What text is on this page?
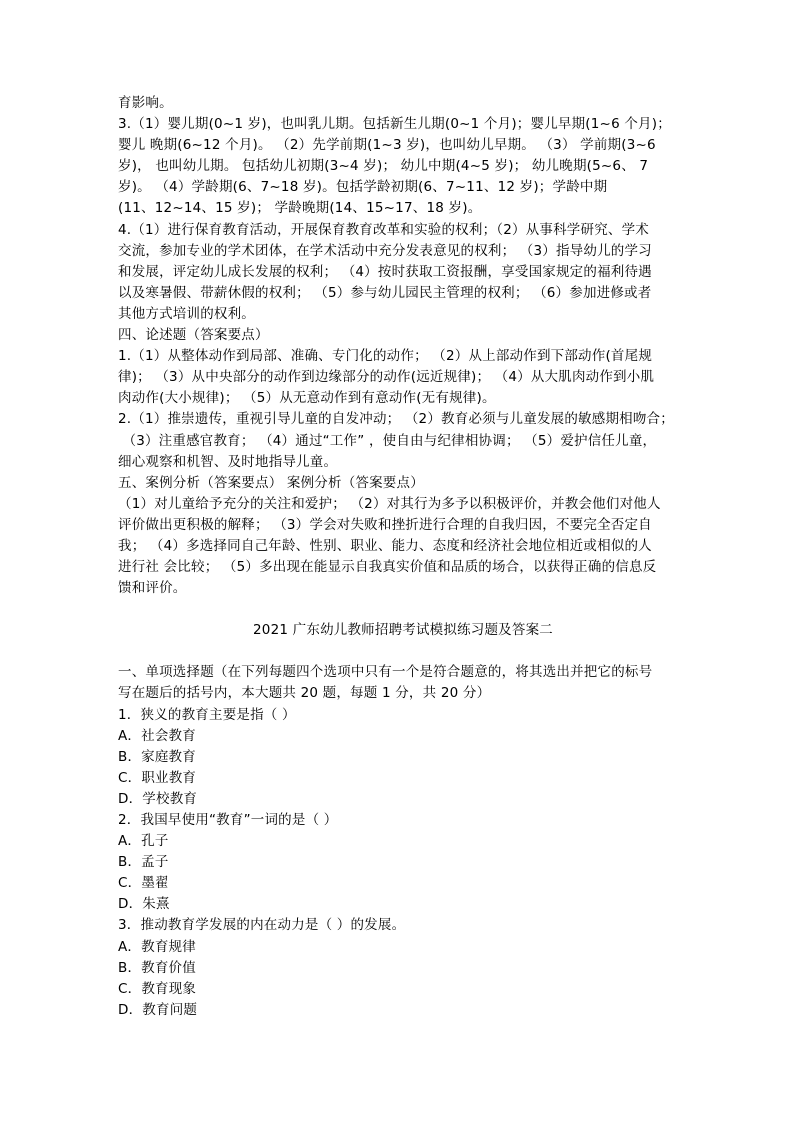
育影响。
3.（1）婴儿期(0~1 岁)，也叫乳儿期。包括新生儿期(0~1 个月)；婴儿早期(1~6 个月)；
婴儿 晚期(6~12 个月)。 （2）先学前期(1~3 岁)，也叫幼儿早期。 （3） 学前期(3~6
岁)， 也叫幼儿期。 包括幼儿初期(3~4 岁)； 幼儿中期(4~5 岁)； 幼儿晚期(5~6、 7
岁)。 （4）学龄期(6、7~18 岁)。包括学龄初期(6、7~11、12 岁)；学龄中期
(11、12~14、15 岁)； 学龄晚期(14、15~17、18 岁)。
4.（1）进行保育教育活动，开展保育教育改革和实验的权利；（2）从事科学研究、学术
交流，参加专业的学术团体，在学术活动中充分发表意见的权利； （3）指导幼儿的学习
和发展，评定幼儿成长发展的权利； （4）按时获取工资报酬，享受国家规定的福利待遇
以及寒暑假、带薪休假的权利； （5）参与幼儿园民主管理的权利； （6）参加进修或者
其他方式培训的权利。
四、论述题（答案要点）
1.（1）从整体动作到局部、准确、专门化的动作； （2）从上部动作到下部动作(首尾规
律)； （3）从中央部分的动作到边缘部分的动作(远近规律)； （4）从大肌肉动作到小肌
肉动作(大小规律)； （5）从无意动作到有意动作(无有规律)。
2.（1）推崇遗传，重视引导儿童的自发冲动； （2）教育必须与儿童发展的敏感期相吻合；
（3）注重感官教育； （4）通过“工作” ，使自由与纪律相协调； （5）爱护信任儿童，
细心观察和机智、及时地指导儿童。
五、案例分析（答案要点） 案例分析（答案要点）
（1）对儿童给予充分的关注和爱护； （2）对其行为多予以积极评价，并教会他们对他人
评价做出更积极的解释； （3）学会对失败和挫折进行合理的自我归因，不要完全否定自
我； （4）多选择同自己年龄、性别、职业、能力、态度和经济社会地位相近或相似的人
进行社 会比较； （5）多出现在能显示自我真实价值和品质的场合，以获得正确的信息反
馈和评价。
2021 广东幼儿教师招聘考试模拟练习题及答案二
一、单项选择题（在下列每题四个选项中只有一个是符合题意的，将其选出并把它的标号
写在题后的括号内，本大题共 20 题，每题 1 分，共 20 分）
1．狭义的教育主要是指（ ）
A．社会教育
B．家庭教育
C．职业教育
D．学校教育
2．我国早使用“教育”一词的是（ ）
A．孔子
B．孟子
C．墨翟
D．朱熹
3．推动教育学发展的内在动力是（ ）的发展。
A．教育规律
B．教育价值
C．教育现象
D．教育问题
